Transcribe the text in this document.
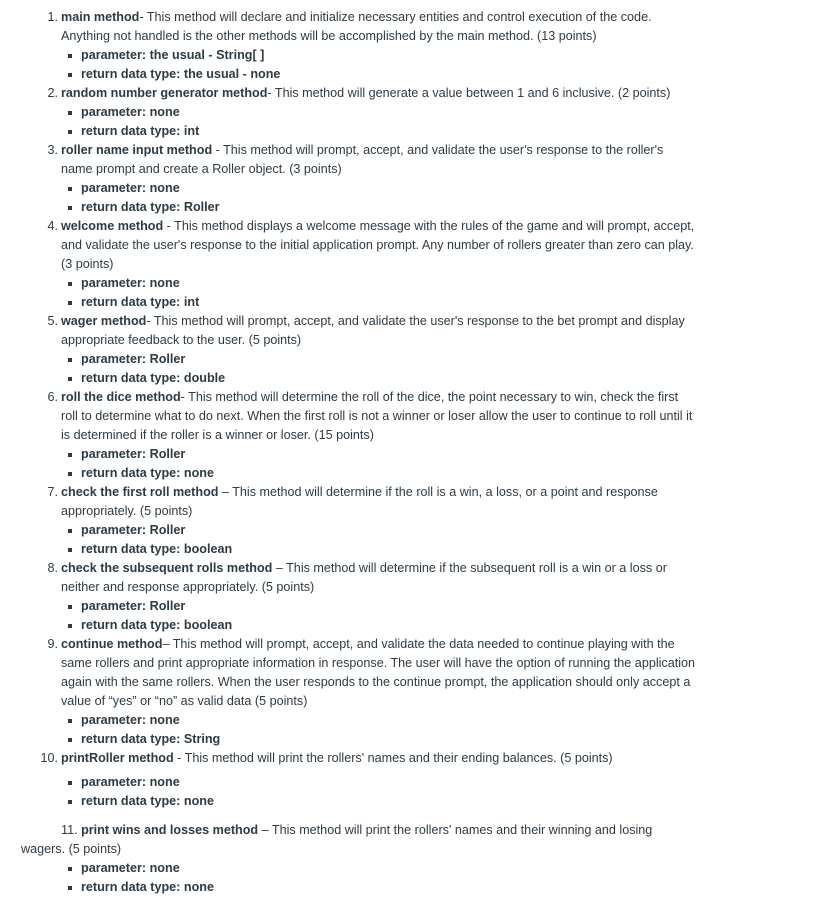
1. main method- This method will declare and initialize necessary entities and control execution of the code. Anything not handled is the other methods will be accomplished by the main method. (13 points)
parameter: the usual - String[ ]
return data type: the usual - none
2. random number generator method- This method will generate a value between 1 and 6 inclusive. (2 points)
parameter: none
return data type: int
3. roller name input method - This method will prompt, accept, and validate the user's response to the roller's name prompt and create a Roller object. (3 points)
parameter: none
return data type: Roller
4. welcome method - This method displays a welcome message with the rules of the game and will prompt, accept, and validate the user's response to the initial application prompt. Any number of rollers greater than zero can play. (3 points)
parameter: none
return data type: int
5. wager method- This method will prompt, accept, and validate the user's response to the bet prompt and display appropriate feedback to the user. (5 points)
parameter: Roller
return data type: double
6. roll the dice method- This method will determine the roll of the dice, the point necessary to win, check the first roll to determine what to do next. When the first roll is not a winner or loser allow the user to continue to roll until it is determined if the roller is a winner or loser. (15 points)
parameter: Roller
return data type: none
7. check the first roll method – This method will determine if the roll is a win, a loss, or a point and response appropriately. (5 points)
parameter: Roller
return data type: boolean
8. check the subsequent rolls method – This method will determine if the subsequent roll is a win or a loss or neither and response appropriately. (5 points)
parameter: Roller
return data type: boolean
9. continue method– This method will prompt, accept, and validate the data needed to continue playing with the same rollers and print appropriate information in response. The user will have the option of running the application again with the same rollers. When the user responds to the continue prompt, the application should only accept a value of “yes” or “no” as valid data (5 points)
parameter: none
return data type: String
10. printRoller method - This method will print the rollers' names and their ending balances. (5 points)
parameter: none
return data type: none
11. print wins and losses method – This method will print the rollers' names and their winning and losing wagers. (5 points)
parameter: none
return data type: none
